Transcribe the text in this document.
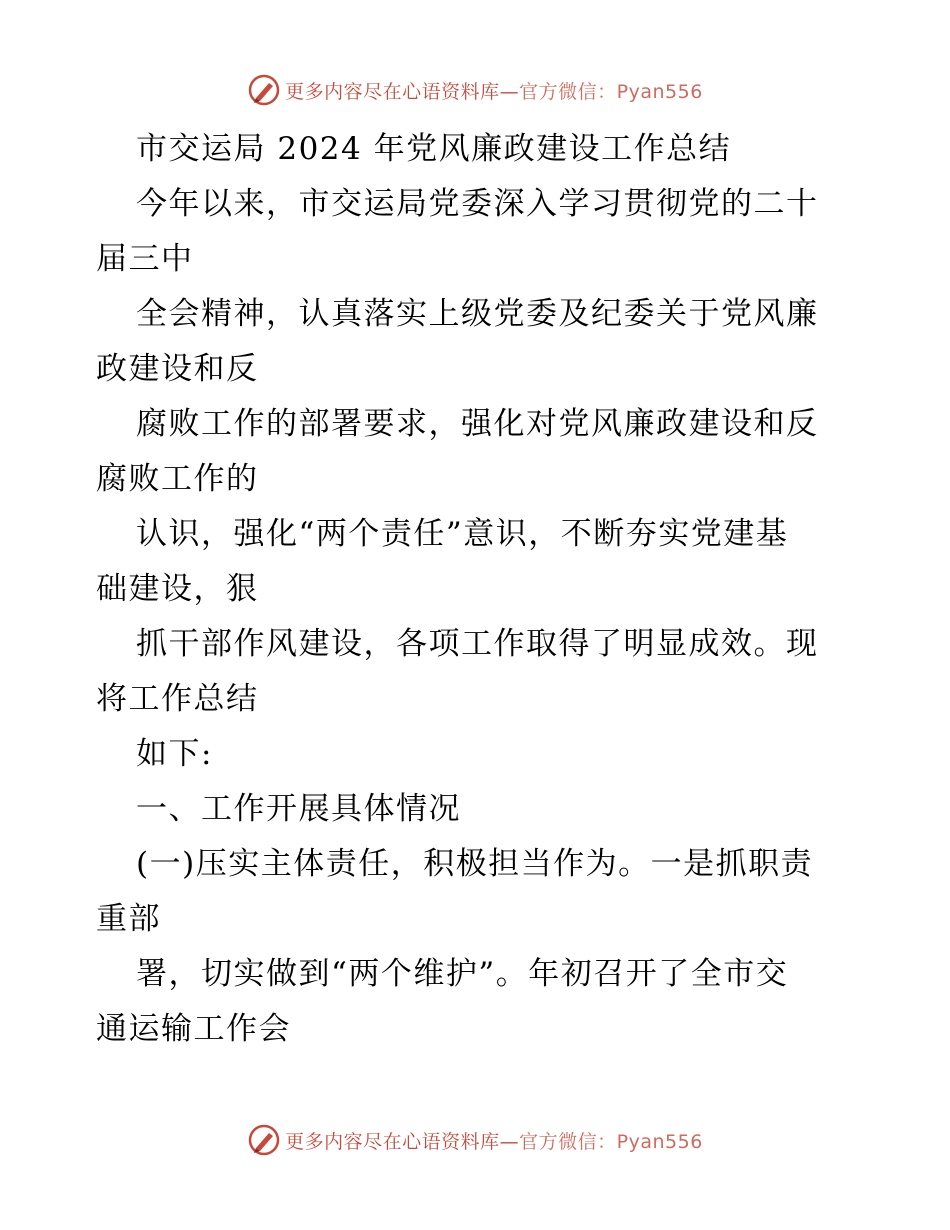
更多内容尽在心语资料库—官方微信：Pyan556
市交运局 2024 年党风廉政建设工作总结
今年以来，市交运局党委深入学习贯彻党的二十
届三中
全会精神，认真落实上级党委及纪委关于党风廉
政建设和反
腐败工作的部署要求，强化对党风廉政建设和反
腐败工作的
认识，强化“两个责任”意识，不断夯实党建基
础建设，狠
抓干部作风建设，各项工作取得了明显成效。现
将工作总结
如下:
一、工作开展具体情况
(一)压实主体责任，积极担当作为。一是抓职责
重部
署，切实做到“两个维护”。年初召开了全市交
通运输工作会
更多内容尽在心语资料库—官方微信：Pyan556
